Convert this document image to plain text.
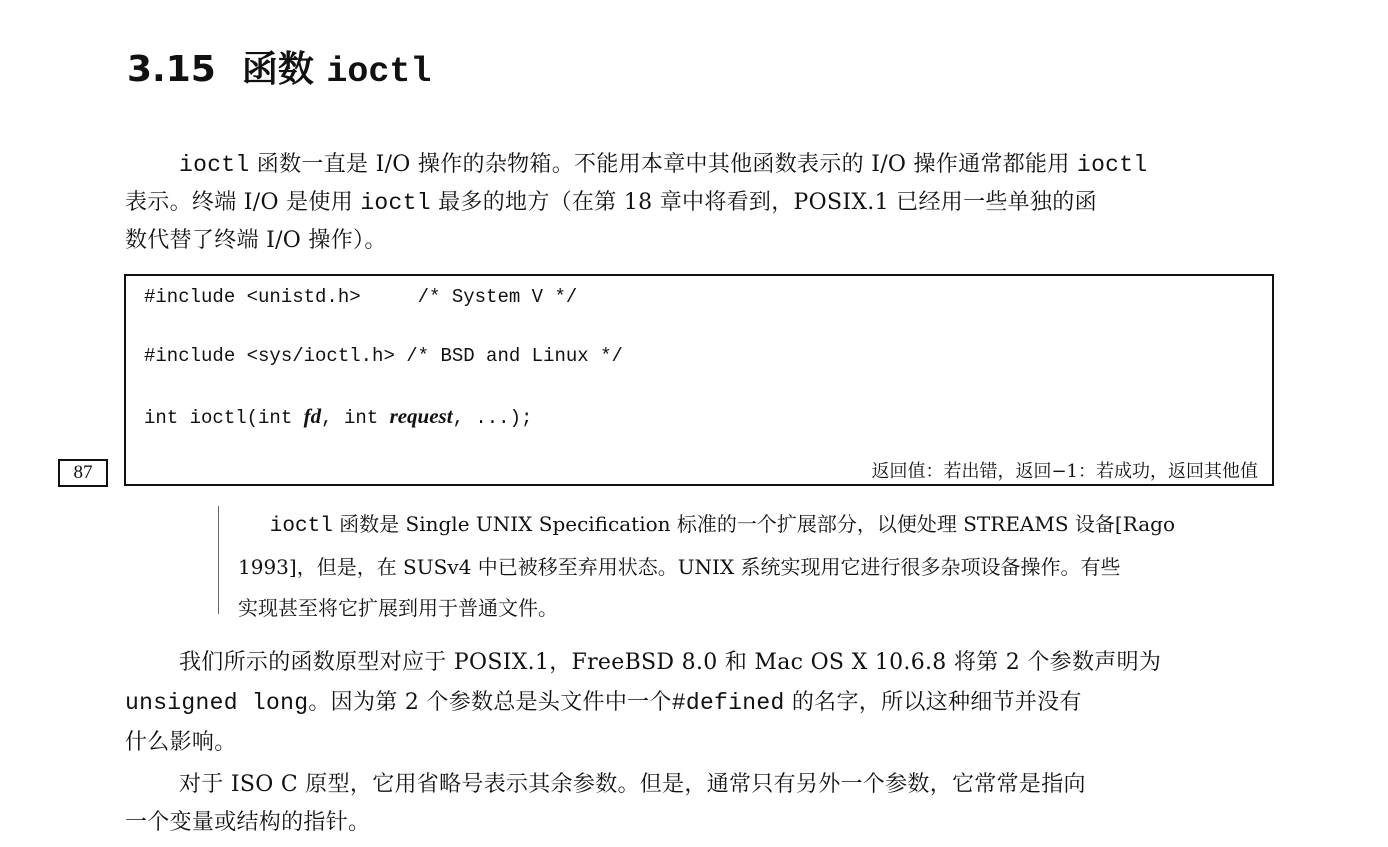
3.15 函数 ioctl

ioctl 函数一直是 I/O 操作的杂物箱。不能用本章中其他函数表示的 I/O 操作通常都能用 ioctl
表示。终端 I/O 是使用 ioctl 最多的地方（在第 18 章中将看到，POSIX.1 已经用一些单独的函
数代替了终端 I/O 操作）。

#include <unistd.h>     /* System V */
#include <sys/ioctl.h> /* BSD and Linux */
int ioctl(int fd, int request, ...);
返回值：若出错，返回−1：若成功，返回其他值
87

ioctl 函数是 Single UNIX Specification 标准的一个扩展部分，以便处理 STREAMS 设备[Rago
1993]，但是，在 SUSv4 中已被移至弃用状态。UNIX 系统实现用它进行很多杂项设备操作。有些
实现甚至将它扩展到用于普通文件。

我们所示的函数原型对应于 POSIX.1，FreeBSD 8.0 和 Mac OS X 10.6.8 将第 2 个参数声明为
unsigned long。因为第 2 个参数总是头文件中一个#defined 的名字，所以这种细节并没有
什么影响。

对于 ISO C 原型，它用省略号表示其余参数。但是，通常只有另外一个参数，它常常是指向
一个变量或结构的指针。
